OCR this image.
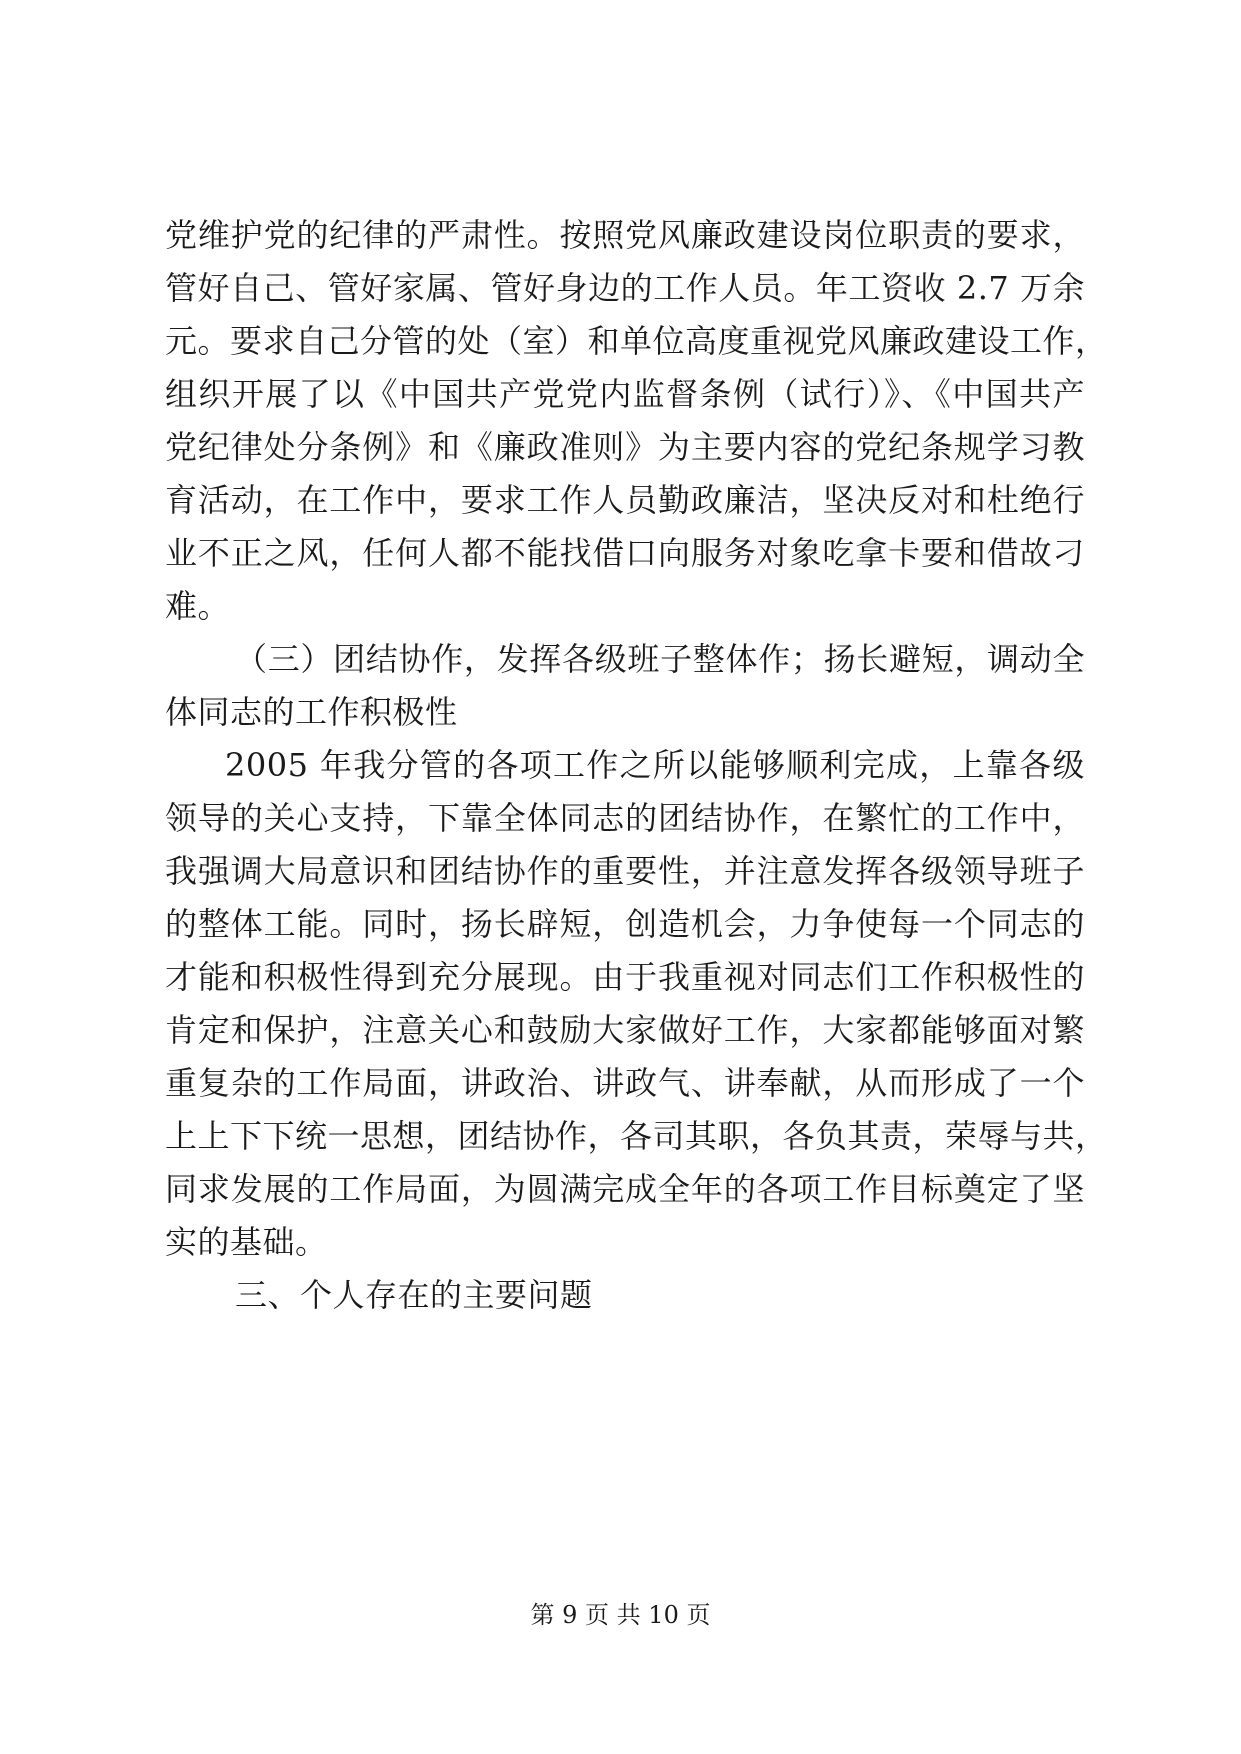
党维护党的纪律的严肃性。按照党风廉政建设岗位职责的要求，
管好自己、管好家属、管好身边的工作人员。年工资收 2.7 万余
元。要求自己分管的处（室）和单位高度重视党风廉政建设工作，
组织开展了以《中国共产党党内监督条例（试行）》、《中国共产
党纪律处分条例》和《廉政准则》为主要内容的党纪条规学习教
育活动，在工作中，要求工作人员勤政廉洁，坚决反对和杜绝行
业不正之风，任何人都不能找借口向服务对象吃拿卡要和借故刁
难。
（三）团结协作，发挥各级班子整体作；扬长避短，调动全
体同志的工作积极性
2005 年我分管的各项工作之所以能够顺利完成，上靠各级
领导的关心支持，下靠全体同志的团结协作，在繁忙的工作中，
我强调大局意识和团结协作的重要性，并注意发挥各级领导班子
的整体工能。同时，扬长辟短，创造机会，力争使每一个同志的
才能和积极性得到充分展现。由于我重视对同志们工作积极性的
肯定和保护，注意关心和鼓励大家做好工作，大家都能够面对繁
重复杂的工作局面，讲政治、讲政气、讲奉献，从而形成了一个
上上下下统一思想，团结协作，各司其职，各负其责，荣辱与共，
同求发展的工作局面，为圆满完成全年的各项工作目标奠定了坚
实的基础。
三、个人存在的主要问题
第 9 页 共 10 页
